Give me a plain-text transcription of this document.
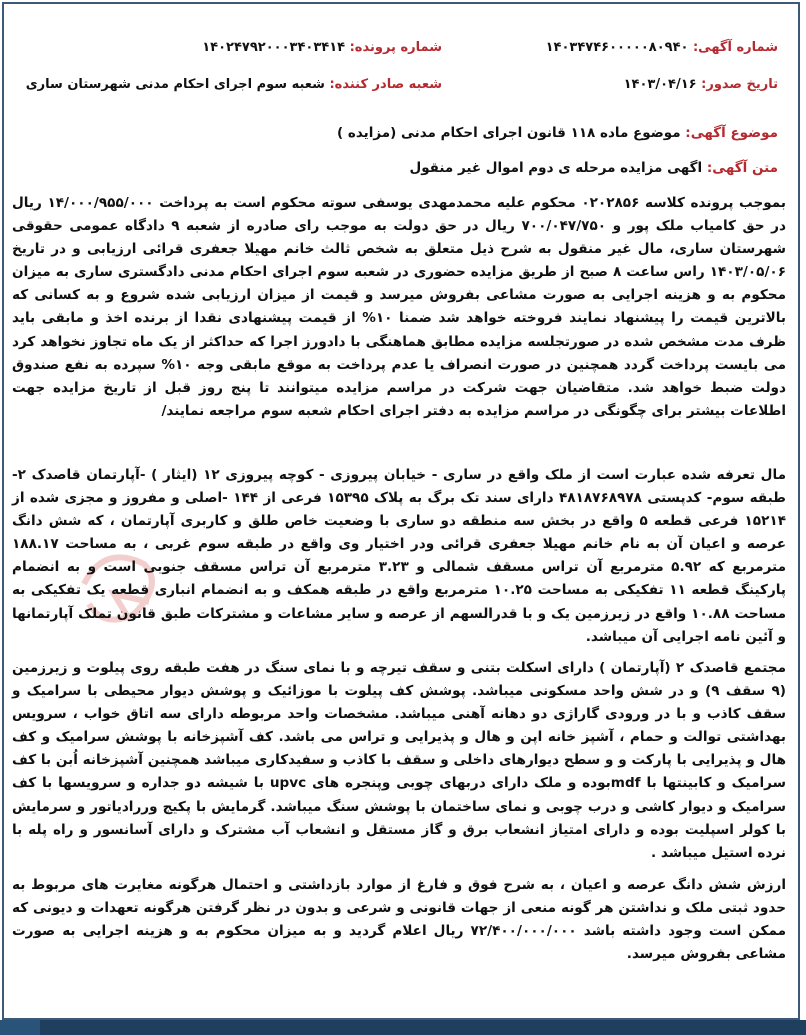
شماره آگهی: ۱۴۰۳۴۷۴۶۰۰۰۰۰۸۰۹۴۰
شماره پرونده: ۱۴۰۲۴۷۹۲۰۰۰۳۴۰۳۴۱۴
تاریخ صدور: ۱۴۰۳/۰۴/۱۶
شعبه صادر کننده: شعبه سوم اجرای احکام مدنی شهرستان ساری
موضوع آگهی: موضوع ماده ۱۱۸ قانون اجرای احکام مدنی (مزایده )
متن آگهی: اگهی مزایده مرحله ی دوم اموال غیر منقول
بموجب پرونده کلاسه ۰۲۰۲۸۵۶ محکوم علیه محمدمهدی یوسفی سوته محکوم است به پرداخت ۱۴/۰۰۰/۹۵۵/۰۰۰ ریال در حق کامیاب ملک پور و ۷۰۰/۰۴۷/۷۵۰ ریال در حق دولت به موجب رای صادره از شعبه ۹ دادگاه عمومی حقوقی شهرستان ساری، مال غیر منقول به شرح ذیل متعلق به شخص ثالث خانم مهیلا جعفری قرائی ارزیابی و در تاریخ ۱۴۰۳/۰۵/۰۶ راس ساعت ۸ صبح از طریق مزایده حضوری در شعبه سوم اجرای احکام مدنی دادگستری ساری به میزان محکوم به و هزینه اجرایی به صورت مشاعی بفروش میرسد و قیمت از میزان ارزیابی شده شروع و به کسانی که بالاترین قیمت را پیشنهاد نمایند فروخته خواهد شد ضمنا ۱۰% از قیمت پیشنهادی نقدا از برنده اخذ و مابقی باید ظرف مدت مشخص شده در صورتجلسه مزایده مطابق هماهنگی با دادورز اجرا که حداکثر از یک ماه تجاوز نخواهد کرد می بایست پرداخت گردد همچنین در صورت انصراف یا عدم پرداخت به موقع مابقی وجه ۱۰% سپرده به نفع صندوق دولت ضبط خواهد شد. متقاضیان جهت شرکت در مراسم مزایده میتوانند تا پنج روز قبل از تاریخ مزایده جهت اطلاعات بیشتر برای چگونگی در مراسم مزایده به دفتر اجرای احکام شعبه سوم مراجعه نمایند/
مال تعرفه شده عبارت است از ملک واقع در ساری - خیابان پیروزی - کوچه پیروزی ۱۲ (ایثار ) -آپارتمان قاصدک ۲- طبقه سوم- کدپستی ۴۸۱۸۷۶۸۹۷۸ دارای سند تک برگ به پلاک ۱۵۳۹۵ فرعی از ۱۴۴ -اصلی و مفروز و مجزی شده از ۱۵۲۱۴ فرعی قطعه ۵ واقع در بخش سه منطقه دو ساری با وضعیت خاص طلق و کاربری آپارتمان ، که شش دانگ عرصه و اعیان آن به نام خانم مهیلا جعفری قرائی ودر اختیار وی واقع در طبقه سوم غربی ، به مساحت ۱۸۸.۱۷ مترمربع که ۵.۹۲ مترمربع آن تراس مسقف شمالی و ۳.۲۳ مترمربع آن تراس مسقف جنوبی است و به انضمام پارکینگ قطعه ۱۱ تفکیکی به مساحت ۱۰.۲۵ مترمربع واقع در طبقه همکف و به انضمام انباری قطعه یک تفکیکی به مساحت ۱۰.۸۸ واقع در زیرزمین یک و با قدرالسهم از عرصه و سایر مشاعات و مشترکات طبق قانون تملک آپارتمانها و آئین نامه اجرایی آن میباشد.
مجتمع قاصدک ۲ (آپارتمان ) دارای اسکلت بتنی و سقف تیرچه و با نمای سنگ در هفت طبقه روی پیلوت و زیرزمین (۹ سقف ۹) و در شش واحد مسکونی میباشد. پوشش کف پیلوت با موزائیک و پوشش دیوار محیطی با سرامیک و سقف کاذب و با در ورودی گاراژی دو دهانه آهنی میباشد. مشخصات واحد مربوطه دارای سه اتاق خواب ، سرویس بهداشتی توالت و حمام ، آشپز خانه اپن و هال و پذیرایی و تراس می باشد. کف آشپزخانه با پوشش سرامیک و کف هال و پذیرایی با پارکت و و سطح دیوارهای داخلی و سقف با کاذب و سفیدکاری میباشد همچنین آشپزخانه اُبن با کف سرامیک و کابینتها با mdfبوده و ملک دارای دربهای چوبی وپنجره های upvc با شیشه دو جداره و سرویسها با کف سرامیک و دیوار کاشی و درب چوبی و نمای ساختمان با پوشش سنگ میباشد. گرمایش با پکیج وررادیاتور و سرمایش با کولر اسپلیت بوده و دارای امتیاز انشعاب برق و گاز مستقل و انشعاب آب مشترک و دارای آسانسور و راه پله با نرده استیل میباشد .
ارزش شش دانگ عرصه و اعیان ، به شرح فوق و فارغ از موارد بازداشتی و احتمال هرگونه مغایرت های مربوط به حدود ثبتی ملک و نداشتن هر گونه منعی از جهات قانونی و شرعی و بدون در نظر گرفتن هرگونه تعهدات و دیونی که ممکن است وجود داشته باشد ۷۲/۴۰۰/۰۰۰/۰۰۰ ریال اعلام گردید و به میزان محکوم به و هزینه اجرایی به صورت مشاعی بفروش میرسد.
